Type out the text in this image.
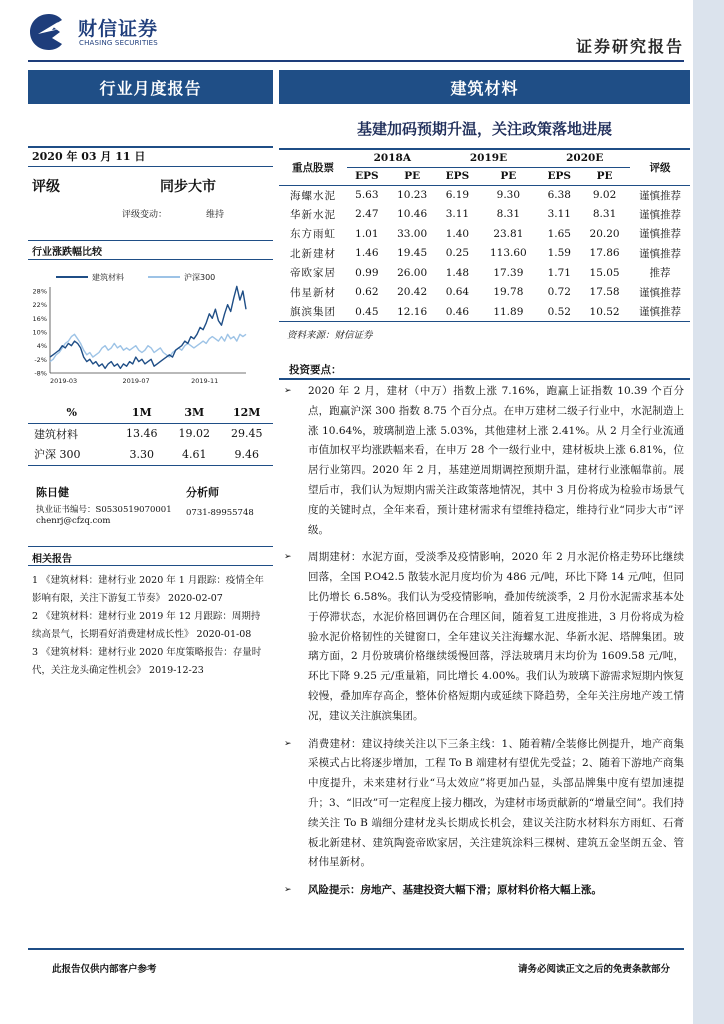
财信证券
CHASING SECURITIES	证券研究报告
行业月度报告	建筑材料
基建加码预期升温，关注政策落地进展
2020 年 03 月 11 日
评级	同步大市
评级变动：	维持
行业涨跌幅比较
建筑材料	沪深300
28%
22%
16%
10%
4%
-2%
-8%
2019-03	2019-07	2019-11
%	1M	3M	12M
建筑材料	13.46	19.02	29.45
沪深 300	3.30	4.61	9.46
陈日健	分析师
执业证书编号：S0530519070001
chenrj@cfzq.com
0731-89955748
相关报告

1 《建筑材料：建材行业 2020 年 1 月跟踪：疫情全年影响有限，关注下游复工节奏》 2020-02-07

2 《建筑材料：建材行业 2019 年 12 月跟踪：周期持续高景气，长期看好消费建材成长性》 2020-01-08

3 《建筑材料：建材行业 2020 年度策略报告：存量时代，关注龙头确定性机会》 2019-12-23

重点股票	2018A		2019E		2020E		评级
	EPS	PE	EPS	PE	EPS	PE	
海螺水泥	5.63	10.23	6.19	9.30	6.38	9.02	谨慎推荐
华新水泥	2.47	10.46	3.11	8.31	3.11	8.31	谨慎推荐
东方雨虹	1.01	33.00	1.40	23.81	1.65	20.20	谨慎推荐
北新建材	1.46	19.45	0.25	113.60	1.59	17.86	谨慎推荐
帝欧家居	0.99	26.00	1.48	17.39	1.71	15.05	推荐
伟星新材	0.62	20.42	0.64	19.78	0.72	17.58	谨慎推荐
旗滨集团	0.45	12.16	0.46	11.89	0.52	10.52	谨慎推荐
资料来源：财信证券
投资要点：
➢	2020 年 2 月，建材（中万）指数上涨 7.16%，跑赢上证指数 10.39 个百分点，跑赢沪深 300 指数 8.75 个百分点。在申万建材二级子行业中，水泥制造上涨 10.64%，玻璃制造上涨 5.03%，其他建材上涨 2.41%。从 2 月全行业流通市值加权平均涨跌幅来看，在申万 28 个一级行业中，建材板块上涨 6.81%，位居行业第四。2020 年 2 月，基建逆周期调控预期升温，建材行业涨幅靠前。展望后市，我们认为短期内需关注政策落地情况，其中 3 月份将成为检验市场景气度的关键时点，全年来看，预计建材需求有望维持稳定，维持行业“同步大市”评级。
➢	周期建材：水泥方面，受淡季及疫情影响，2020 年 2 月水泥价格走势环比继续回落，全国 P.O42.5 散装水泥月度均价为 486 元/吨，环比下降 14 元/吨，但同比仍增长 6.58%。我们认为受疫情影响，叠加传统淡季，2 月份水泥需求基本处于停滞状态，水泥价格回调仍在合理区间，随着复工进度推进，3 月份将成为检验水泥价格韧性的关键窗口，全年建议关注海螺水泥、华新水泥、塔牌集团。玻璃方面，2 月份玻璃价格继续缓慢回落，浮法玻璃月末均价为 1609.58 元/吨，环比下降 9.25 元/重量箱，同比增长 4.00%。我们认为玻璃下游需求短期内恢复较慢，叠加库存高企，整体价格短期内或延续下降趋势，全年关注房地产竣工情况，建议关注旗滨集团。
➢	消费建材：建议持续关注以下三条主线：1、随着精/全装修比例提升，地产商集采模式占比将逐步增加，工程 To B 端建材有望优先受益；2、随着下游地产商集中度提升，未来建材行业“马太效应”将更加凸显，头部品牌集中度有望加速提升；3、“旧改”可一定程度上接力棚改，为建材市场贡献新的“增量空间”。我们持续关注 To B 端细分建材龙头长期成长机会，建议关注防水材料东方雨虹、石膏板北新建材、建筑陶瓷帝欧家居，关注建筑涂料三棵树、建筑五金坚朗五金、管材伟星新材。
➢	风险提示：房地产、基建投资大幅下滑；原材料价格大幅上涨。
此报告仅供内部客户参考	请务必阅读正文之后的免责条款部分
